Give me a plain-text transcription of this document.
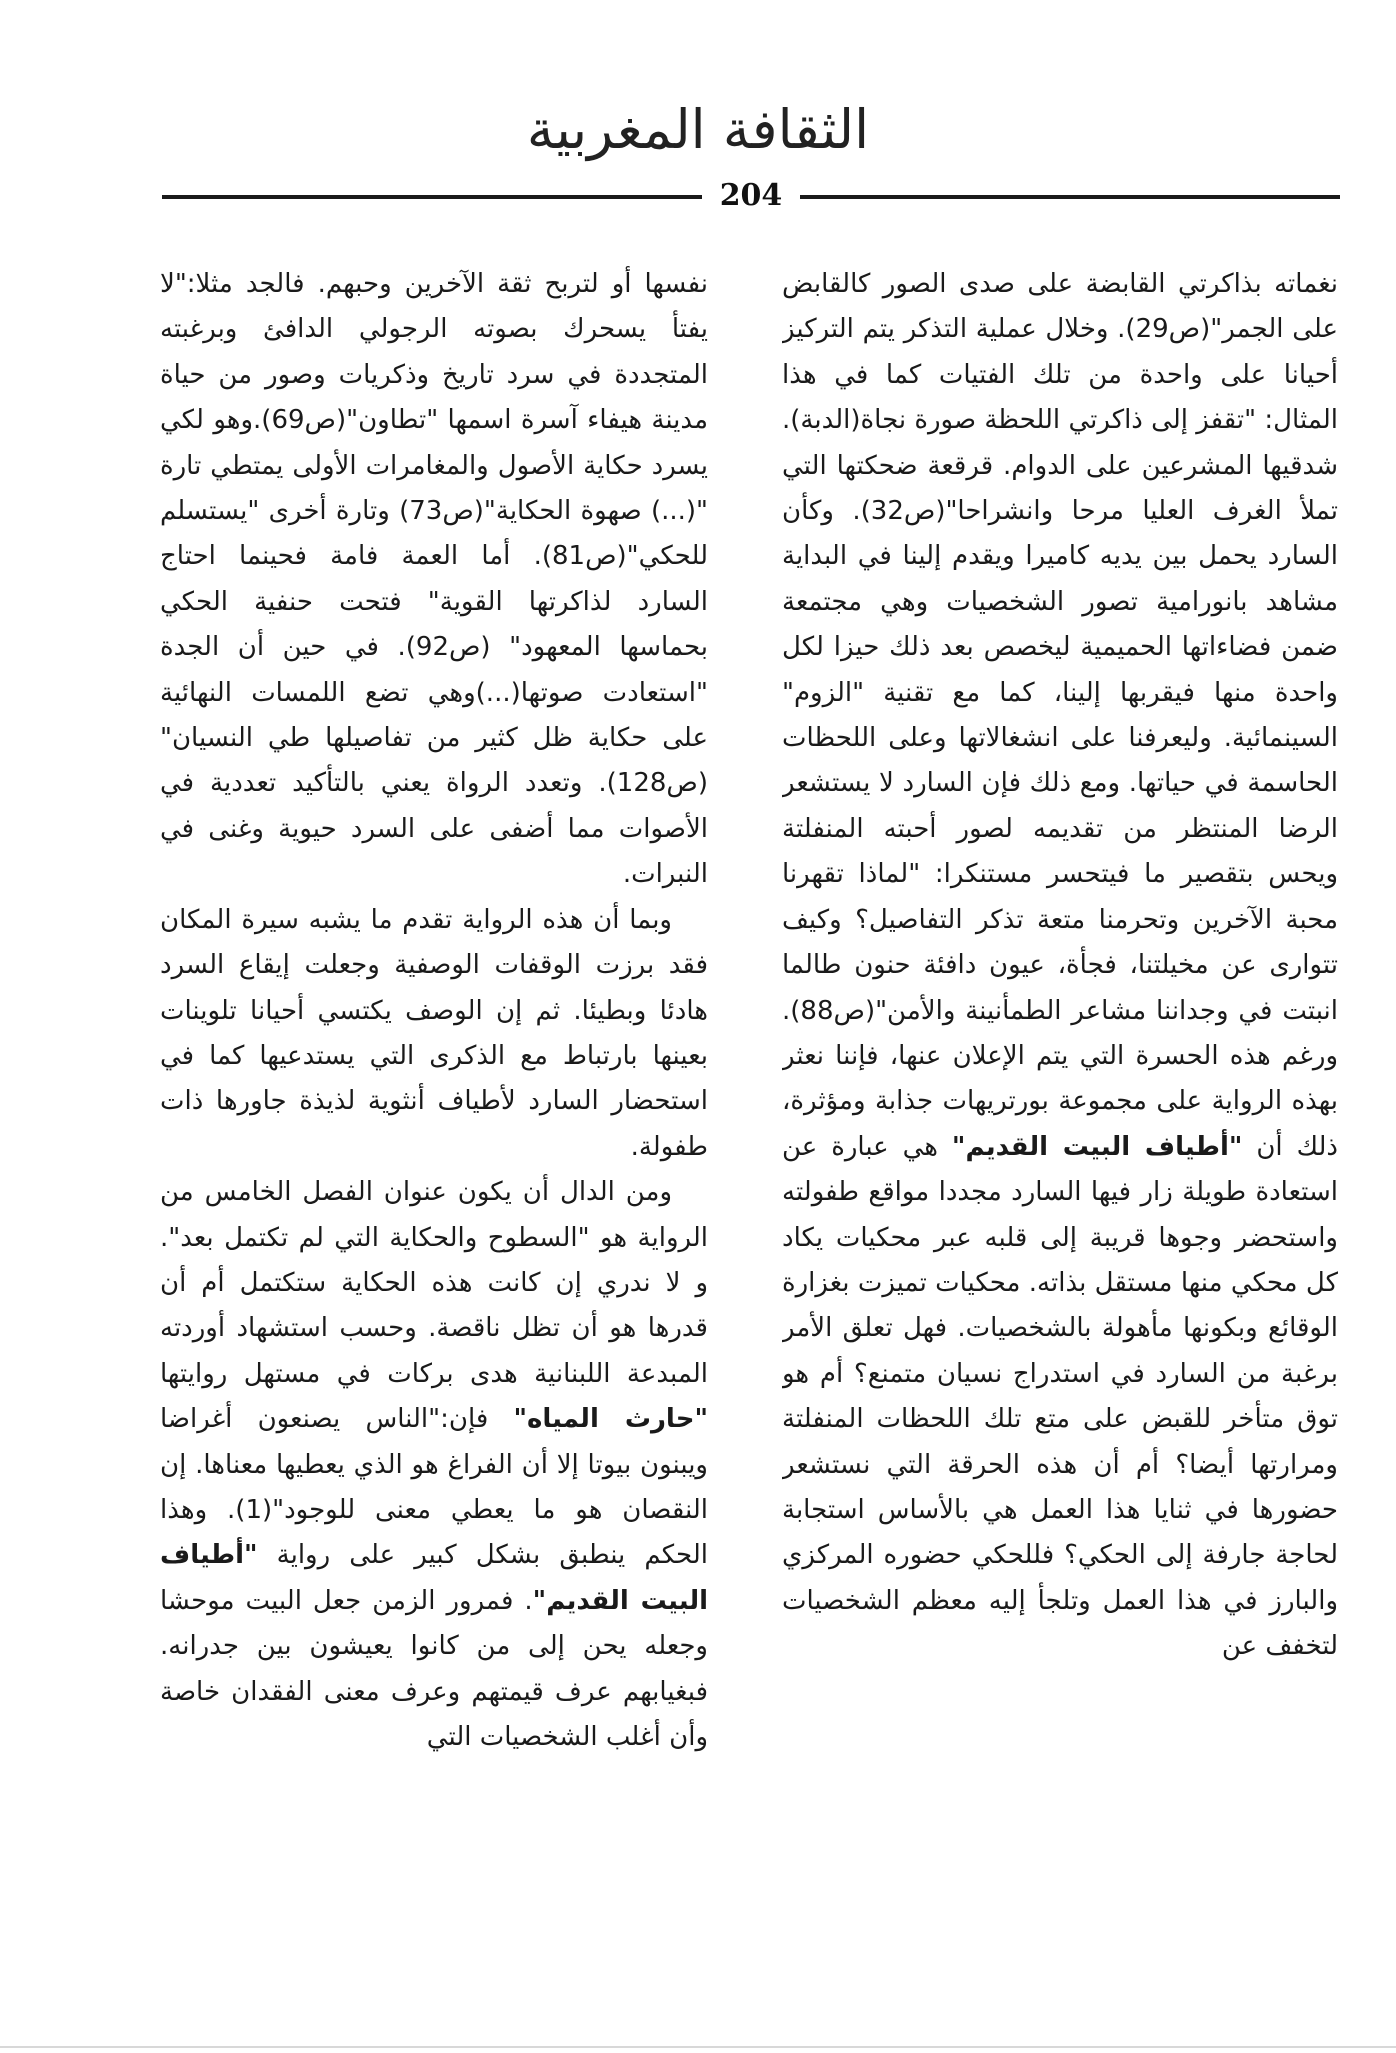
الثقافة المغربية
204

نغماته بذاكرتي القابضة على صدى الصور كالقابض على الجمر"(ص29). وخلال عملية التذكر يتم التركيز أحيانا على واحدة من تلك الفتيات كما في هذا المثال: "تقفز إلى ذاكرتي اللحظة صورة نجاة(الدبة). شدقيها المشرعين على الدوام. قرقعة ضحكتها التي تملأ الغرف العليا مرحا وانشراحا"(ص32). وكأن السارد يحمل بين يديه كاميرا ويقدم إلينا في البداية مشاهد بانورامية تصور الشخصيات وهي مجتمعة ضمن فضاءاتها الحميمية ليخصص بعد ذلك حيزا لكل واحدة منها فيقربها إلينا، كما مع تقنية "الزوم" السينمائية. وليعرفنا على انشغالاتها وعلى اللحظات الحاسمة في حياتها. ومع ذلك فإن السارد لا يستشعر الرضا المنتظر من تقديمه لصور أحبته المنفلتة ويحس بتقصير ما فيتحسر مستنكرا: "لماذا تقهرنا محبة الآخرين وتحرمنا متعة تذكر التفاصيل؟ وكيف تتوارى عن مخيلتنا، فجأة، عيون دافئة حنون طالما انبتت في وجداننا مشاعر الطمأنينة والأمن"(ص88). ورغم هذه الحسرة التي يتم الإعلان عنها، فإننا نعثر بهذه الرواية على مجموعة بورتريهات جذابة ومؤثرة، ذلك أن "أطياف البيت القديم" هي عبارة عن استعادة طويلة زار فيها السارد مجددا مواقع طفولته واستحضر وجوها قريبة إلى قلبه عبر محكيات يكاد كل محكي منها مستقل بذاته. محكيات تميزت بغزارة الوقائع وبكونها مأهولة بالشخصيات. فهل تعلق الأمر برغبة من السارد في استدراج نسيان متمنع؟ أم هو توق متأخر للقبض على متع تلك اللحظات المنفلتة ومرارتها أيضا؟ أم أن هذه الحرقة التي نستشعر حضورها في ثنايا هذا العمل هي بالأساس استجابة لحاجة جارفة إلى الحكي؟ فللحكي حضوره المركزي والبارز في هذا العمل وتلجأ إليه معظم الشخصيات لتخفف عن

نفسها أو لتربح ثقة الآخرين وحبهم. فالجد مثلا:"لا يفتأ يسحرك بصوته الرجولي الدافئ وبرغبته المتجددة في سرد تاريخ وذكريات وصور من حياة مدينة هيفاء آسرة اسمها "تطاون"(ص69).وهو لكي يسرد حكاية الأصول والمغامرات الأولى يمتطي تارة "(...) صهوة الحكاية"(ص73) وتارة أخرى "يستسلم للحكي"(ص81). أما العمة فامة فحينما احتاج السارد لذاكرتها القوية" فتحت حنفية الحكي بحماسها المعهود" (ص92). في حين أن الجدة "استعادت صوتها(...)وهي تضع اللمسات النهائية على حكاية ظل كثير من تفاصيلها طي النسيان"(ص128). وتعدد الرواة يعني بالتأكيد تعددية في الأصوات مما أضفى على السرد حيوية وغنى في النبرات.

وبما أن هذه الرواية تقدم ما يشبه سيرة المكان فقد برزت الوقفات الوصفية وجعلت إيقاع السرد هادئا وبطيئا. ثم إن الوصف يكتسي أحيانا تلوينات بعينها بارتباط مع الذكرى التي يستدعيها كما في استحضار السارد لأطياف أنثوية لذيذة جاورها ذات طفولة.

ومن الدال أن يكون عنوان الفصل الخامس من الرواية هو "السطوح والحكاية التي لم تكتمل بعد". و لا ندري إن كانت هذه الحكاية ستكتمل أم أن قدرها هو أن تظل ناقصة. وحسب استشهاد أوردته المبدعة اللبنانية هدى بركات في مستهل روايتها "حارث المياه" فإن:"الناس يصنعون أغراضا ويبنون بيوتا إلا أن الفراغ هو الذي يعطيها معناها. إن النقصان هو ما يعطي معنى للوجود"(1). وهذا الحكم ينطبق بشكل كبير على رواية "أطياف البيت القديم". فمرور الزمن جعل البيت موحشا وجعله يحن إلى من كانوا يعيشون بين جدرانه. فبغيابهم عرف قيمتهم وعرف معنى الفقدان خاصة وأن أغلب الشخصيات التي
